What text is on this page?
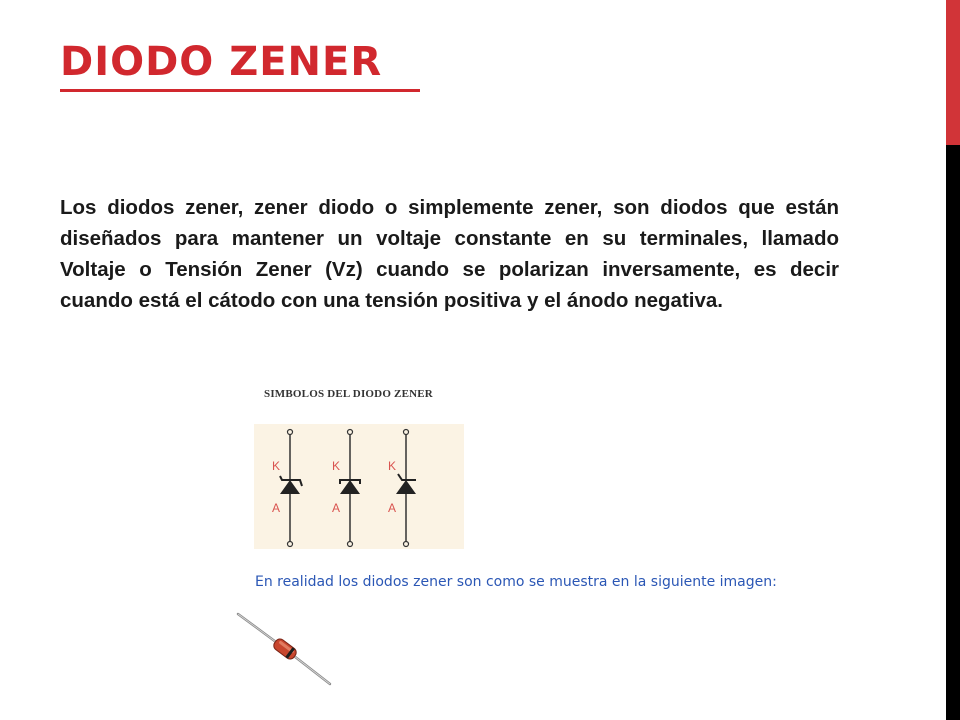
DIODO ZENER

Los diodos zener, zener diodo o simplemente zener, son diodos que están diseñados para mantener un voltaje constante en su terminales, llamado Voltaje o Tensión Zener (Vz) cuando se polarizan inversamente, es decir cuando está el cátodo con una tensión positiva y el ánodo negativa.

SIMBOLOS DEL DIODO ZENER
K
A
K
A
K
A
En realidad los diodos zener son como se muestra en la siguiente imagen:
